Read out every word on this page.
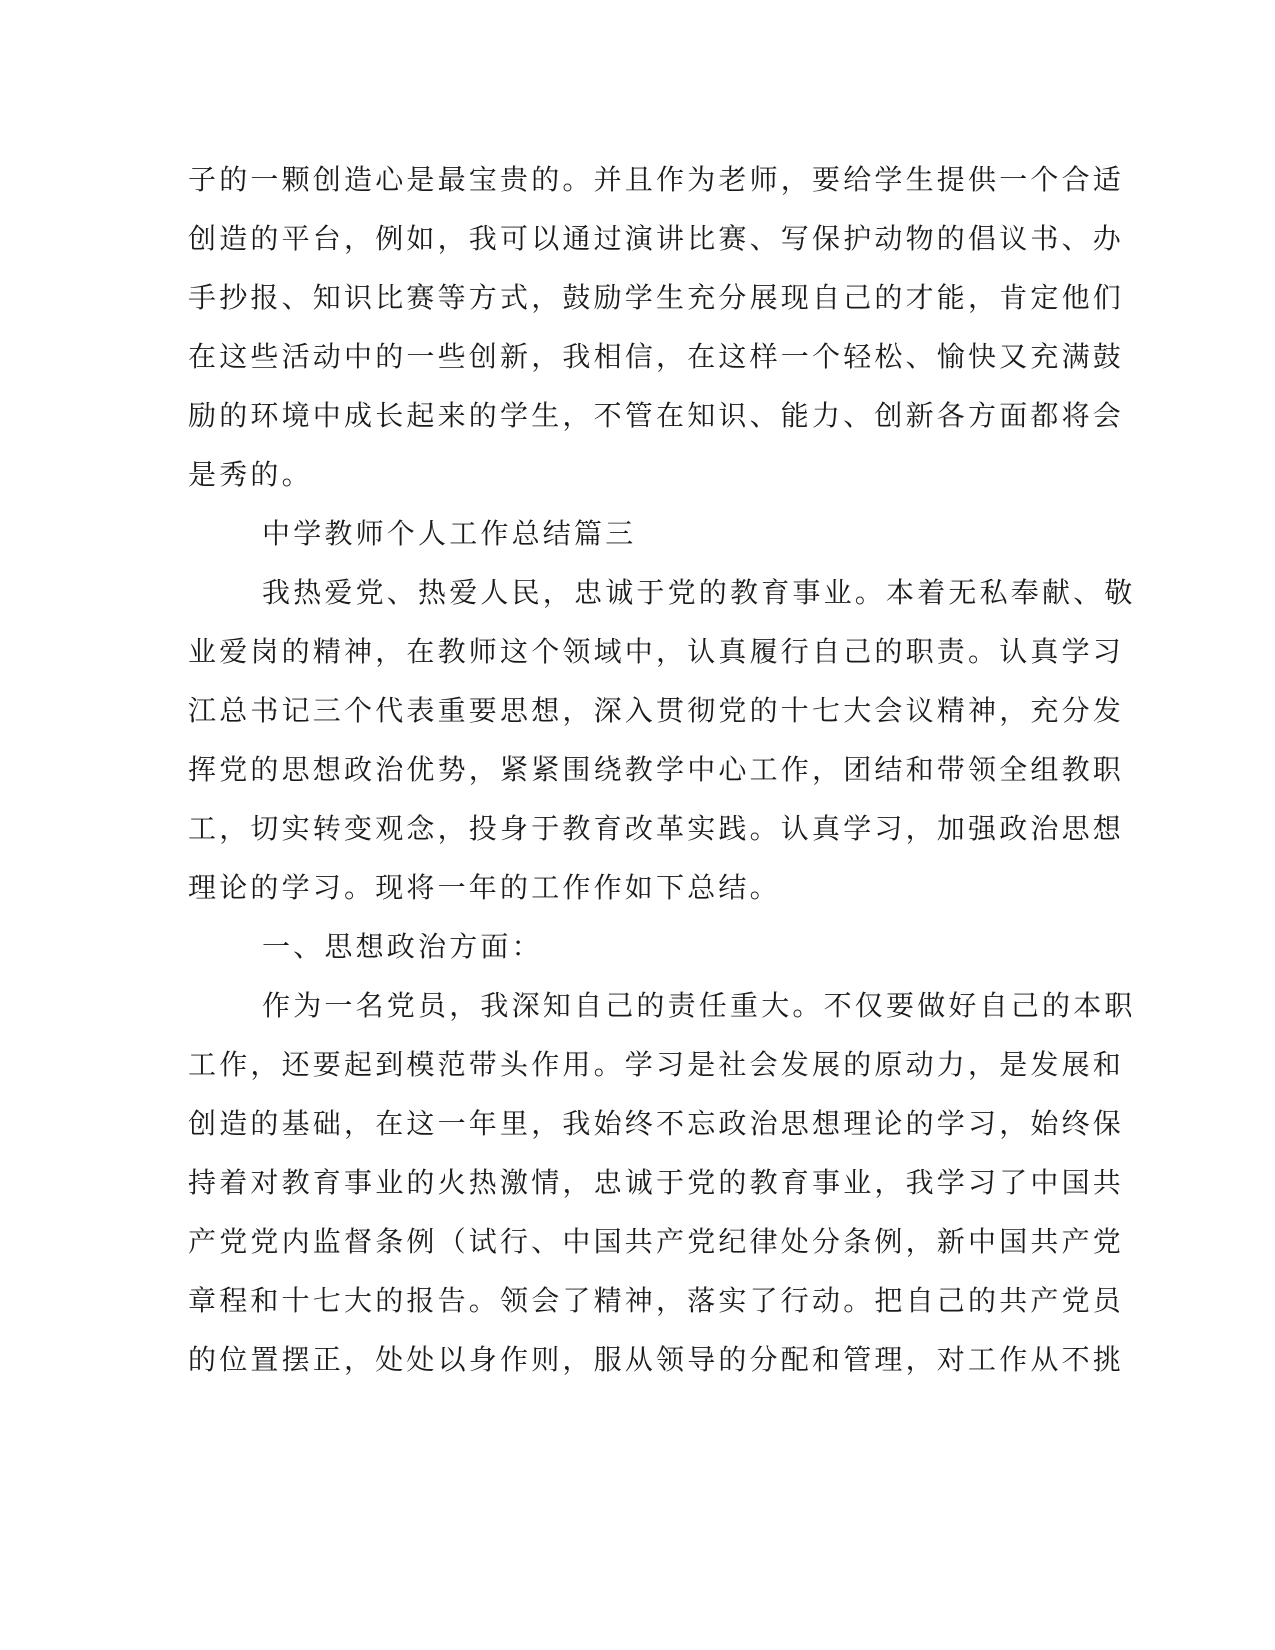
子的一颗创造心是最宝贵的。并且作为老师，要给学生提供一个合适
创造的平台，例如，我可以通过演讲比赛、写保护动物的倡议书、办
手抄报、知识比赛等方式，鼓励学生充分展现自己的才能，肯定他们
在这些活动中的一些创新，我相信，在这样一个轻松、愉快又充满鼓
励的环境中成长起来的学生，不管在知识、能力、创新各方面都将会
是秀的。
中学教师个人工作总结篇三
我热爱党、热爱人民，忠诚于党的教育事业。本着无私奉献、敬
业爱岗的精神，在教师这个领域中，认真履行自己的职责。认真学习
江总书记三个代表重要思想，深入贯彻党的十七大会议精神，充分发
挥党的思想政治优势，紧紧围绕教学中心工作，团结和带领全组教职
工，切实转变观念，投身于教育改革实践。认真学习，加强政治思想
理论的学习。现将一年的工作作如下总结。
一、思想政治方面：
作为一名党员，我深知自己的责任重大。不仅要做好自己的本职
工作，还要起到模范带头作用。学习是社会发展的原动力，是发展和
创造的基础，在这一年里，我始终不忘政治思想理论的学习，始终保
持着对教育事业的火热激情，忠诚于党的教育事业，我学习了中国共
产党党内监督条例（试行、中国共产党纪律处分条例，新中国共产党
章程和十七大的报告。领会了精神，落实了行动。把自己的共产党员
的位置摆正，处处以身作则，服从领导的分配和管理，对工作从不挑
